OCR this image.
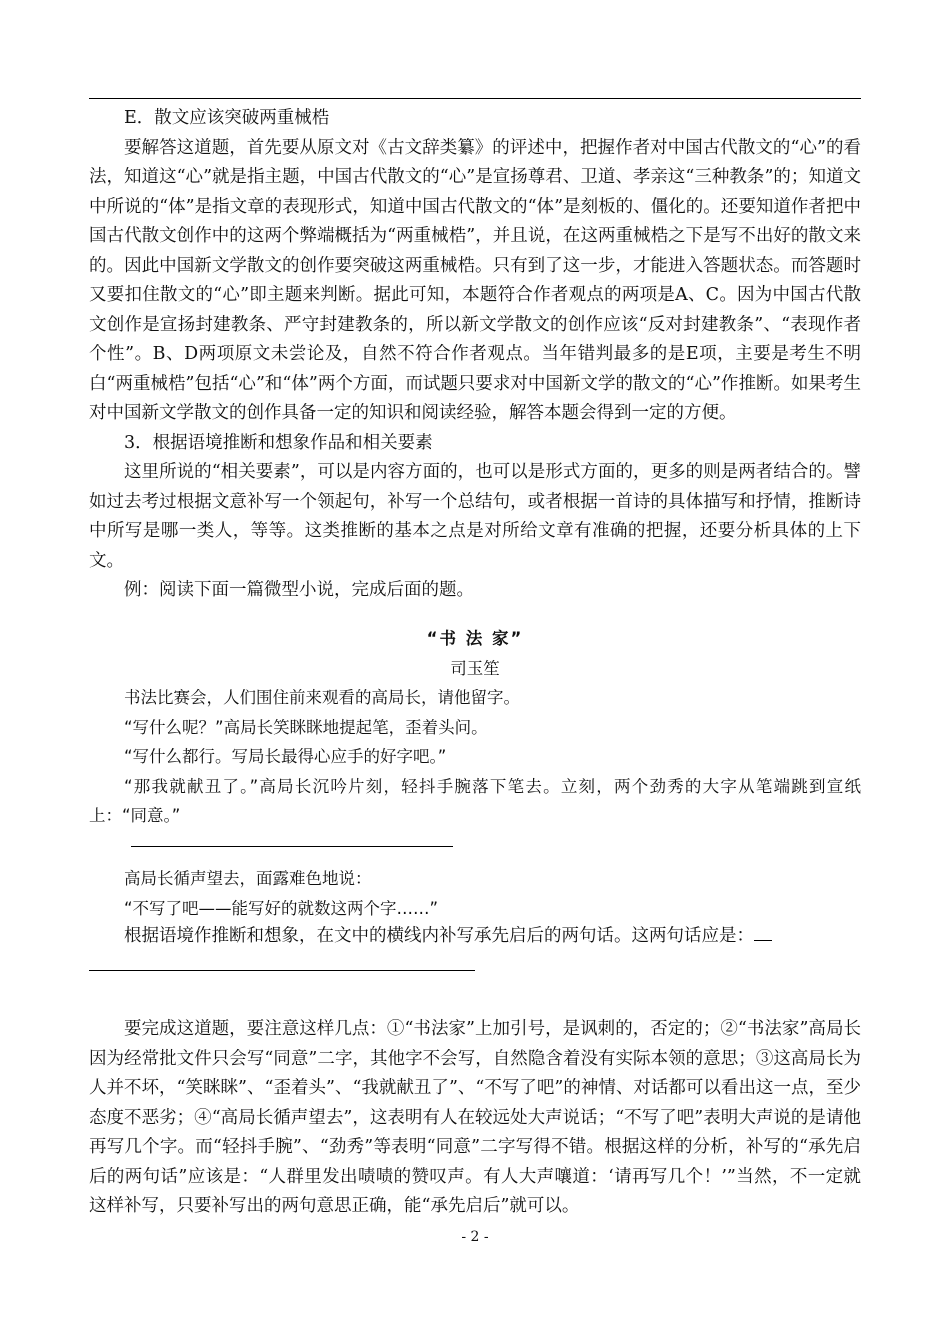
E．散文应该突破两重械梏

要解答这道题，首先要从原文对《古文辞类纂》的评述中，把握作者对中国古代散文的“心”的看法，知道这“心”就是指主题，中国古代散文的“心”是宣扬尊君、卫道、孝亲这“三种教条”的；知道文中所说的“体”是指文章的表现形式，知道中国古代散文的“体”是刻板的、僵化的。还要知道作者把中国古代散文创作中的这两个弊端概括为“两重械梏”，并且说，在这两重械梏之下是写不出好的散文来的。因此中国新文学散文的创作要突破这两重械梏。只有到了这一步，才能进入答题状态。而答题时又要扣住散文的“心”即主题来判断。据此可知，本题符合作者观点的两项是A、C。因为中国古代散文创作是宣扬封建教条、严守封建教条的，所以新文学散文的创作应该“反对封建教条”、“表现作者个性”。B、D两项原文未尝论及，自然不符合作者观点。当年错判最多的是E项，主要是考生不明白“两重械梏”包括“心”和“体”两个方面，而试题只要求对中国新文学的散文的“心”作推断。如果考生对中国新文学散文的创作具备一定的知识和阅读经验，解答本题会得到一定的方便。

3．根据语境推断和想象作品和相关要素

这里所说的“相关要素”，可以是内容方面的，也可以是形式方面的，更多的则是两者结合的。譬如过去考过根据文意补写一个领起句，补写一个总结句，或者根据一首诗的具体描写和抒情，推断诗中所写是哪一类人，等等。这类推断的基本之点是对所给文章有准确的把握，还要分析具体的上下文。

例：阅读下面一篇微型小说，完成后面的题。

“书 法 家”

司玉笙

书法比赛会，人们围住前来观看的高局长，请他留字。

“写什么呢？”高局长笑眯眯地提起笔，歪着头问。

“写什么都行。写局长最得心应手的好字吧。”

“那我就献丑了。”高局长沉吟片刻，轻抖手腕落下笔去。立刻，两个劲秀的大字从笔端跳到宣纸上：“同意。”

高局长循声望去，面露难色地说：

“不写了吧——能写好的就数这两个字……”

根据语境作推断和想象，在文中的横线内补写承先启后的两句话。这两句话应是：

要完成这道题，要注意这样几点：①“书法家”上加引号，是讽刺的，否定的；②“书法家”高局长因为经常批文件只会写“同意”二字，其他字不会写，自然隐含着没有实际本领的意思；③这高局长为人并不坏，“笑眯眯”、“歪着头”、“我就献丑了”、“不写了吧”的神情、对话都可以看出这一点，至少态度不恶劣；④“高局长循声望去”，这表明有人在较远处大声说话；“不写了吧”表明大声说的是请他再写几个字。而“轻抖手腕”、“劲秀”等表明“同意”二字写得不错。根据这样的分析，补写的“承先启后的两句话”应该是：“人群里发出啧啧的赞叹声。有人大声嚷道：‘请再写几个！’”当然，不一定就这样补写，只要补写出的两句意思正确，能“承先启后”就可以。

- 2 -
